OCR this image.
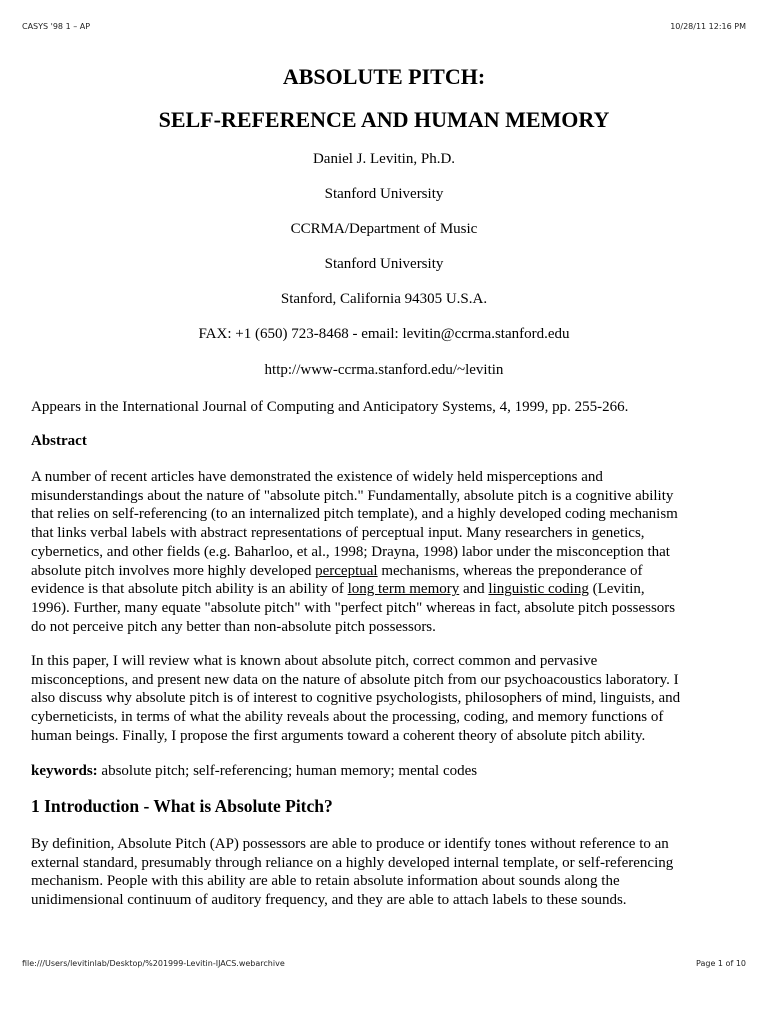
CASYS '98 1 – AP	10/28/11 12:16 PM
ABSOLUTE PITCH:
SELF-REFERENCE AND HUMAN MEMORY
Daniel J. Levitin, Ph.D.
Stanford University
CCRMA/Department of Music
Stanford University
Stanford, California 94305 U.S.A.
FAX: +1 (650) 723-8468 - email: levitin@ccrma.stanford.edu
http://www-ccrma.stanford.edu/~levitin
Appears in the International Journal of Computing and Anticipatory Systems, 4, 1999, pp. 255-266.
Abstract
A number of recent articles have demonstrated the existence of widely held misperceptions and
misunderstandings about the nature of "absolute pitch." Fundamentally, absolute pitch is a cognitive ability
that relies on self-referencing (to an internalized pitch template), and a highly developed coding mechanism
that links verbal labels with abstract representations of perceptual input. Many researchers in genetics,
cybernetics, and other fields (e.g. Baharloo, et al., 1998; Drayna, 1998) labor under the misconception that
absolute pitch involves more highly developed perceptual mechanisms, whereas the preponderance of
evidence is that absolute pitch ability is an ability of long term memory and linguistic coding (Levitin,
1996). Further, many equate "absolute pitch" with "perfect pitch" whereas in fact, absolute pitch possessors
do not perceive pitch any better than non-absolute pitch possessors.
In this paper, I will review what is known about absolute pitch, correct common and pervasive
misconceptions, and present new data on the nature of absolute pitch from our psychoacoustics laboratory. I
also discuss why absolute pitch is of interest to cognitive psychologists, philosophers of mind, linguists, and
cyberneticists, in terms of what the ability reveals about the processing, coding, and memory functions of
human beings. Finally, I propose the first arguments toward a coherent theory of absolute pitch ability.
keywords: absolute pitch; self-referencing; human memory; mental codes
1 Introduction - What is Absolute Pitch?
By definition, Absolute Pitch (AP) possessors are able to produce or identify tones without reference to an
external standard, presumably through reliance on a highly developed internal template, or self-referencing
mechanism. People with this ability are able to retain absolute information about sounds along the
unidimensional continuum of auditory frequency, and they are able to attach labels to these sounds.
file:///Users/levitinlab/Desktop/%201999-Levitin-IJACS.webarchive	Page 1 of 10
